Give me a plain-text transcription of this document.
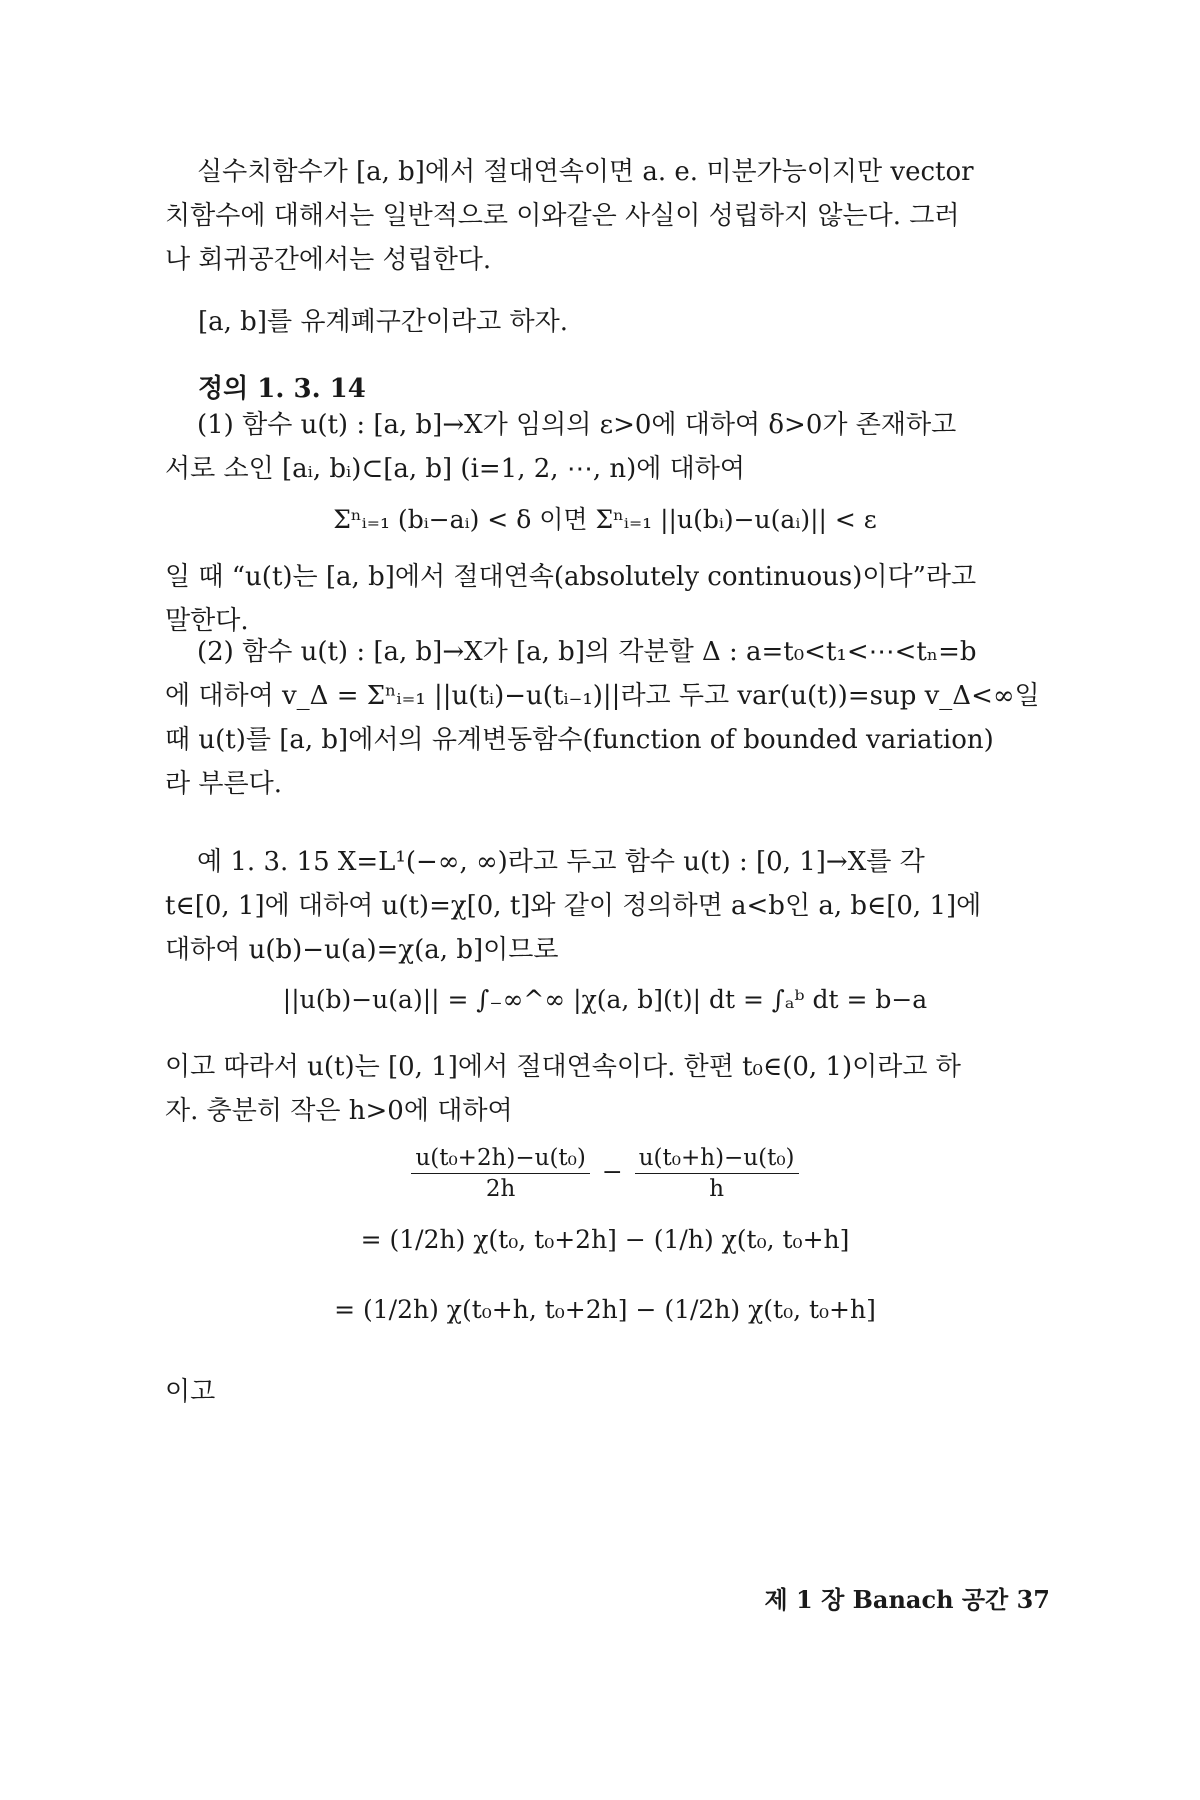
실수치함수가 [a, b]에서 절대연속이면 a. e. 미분가능이지만 vector
치함수에 대해서는 일반적으로 이와같은 사실이 성립하지 않는다. 그러
나 회귀공간에서는 성립한다.
[a, b]를 유계폐구간이라고 하자.
정의 1. 3. 14
(1) 함수 u(t) : [a, b]→X가 임의의 ε>0에 대하여 δ>0가 존재하고
서로 소인 [aᵢ, bᵢ)⊂[a, b] (i=1, 2, ⋯, n)에 대하여
Σⁿᵢ₌₁ (bᵢ−aᵢ) < δ 이면 Σⁿᵢ₌₁ ||u(bᵢ)−u(aᵢ)|| < ε
일 때 “u(t)는 [a, b]에서 절대연속(absolutely continuous)이다”라고
말한다.
(2) 함수 u(t) : [a, b]→X가 [a, b]의 각분할 Δ : a=t₀<t₁<⋯<tₙ=b
에 대하여 v_Δ = Σⁿᵢ₌₁ ||u(tᵢ)−u(tᵢ₋₁)||라고 두고 var(u(t))=sup v_Δ<∞일
때 u(t)를 [a, b]에서의 유계변동함수(function of bounded variation)
라 부른다.
예 1. 3. 15 X=L¹(−∞, ∞)라고 두고 함수 u(t) : [0, 1]→X를 각
t∈[0, 1]에 대하여 u(t)=χ[0, t]와 같이 정의하면 a<b인 a, b∈[0, 1]에
대하여 u(b)−u(a)=χ(a, b]이므로
||u(b)−u(a)|| = ∫₋∞^∞ |χ(a, b](t)| dt = ∫ₐᵇ dt = b−a
이고 따라서 u(t)는 [0, 1]에서 절대연속이다. 한편 t₀∈(0, 1)이라고 하
자. 충분히 작은 h>0에 대하여
$\frac{\text{u(t₀+2h)−u(t₀)}}{2h} - \frac{\text{u(t₀+h)−u(t₀)}}{h}$
= (1/2h) χ(t₀, t₀+2h] − (1/h) χ(t₀, t₀+h]
= (1/2h) χ(t₀+h, t₀+2h] − (1/2h) χ(t₀, t₀+h]
이고
제 1 장 Banach 공간 37
